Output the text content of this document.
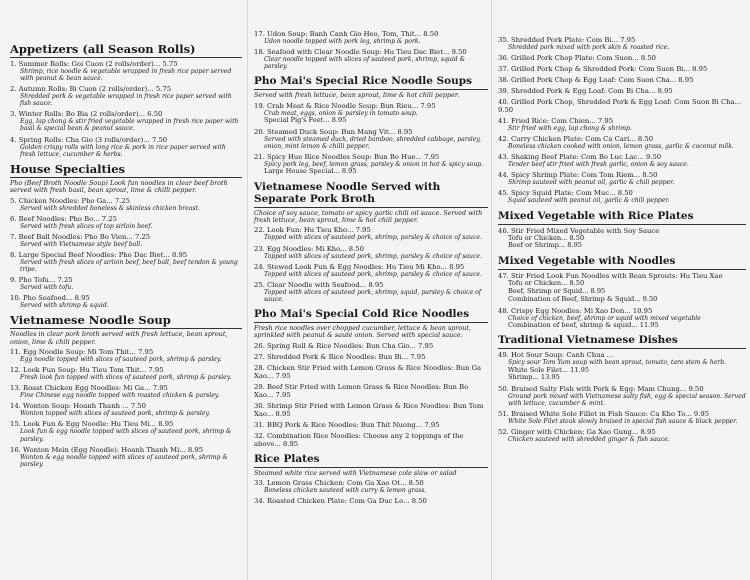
Appetizers (all Season Rolls)
1. Summer Rolls: Goi Cuon (2 rolls/order)... 5.75
Shrimp, rice noodle & vegetable wrapped in fresh rice paper served with peanut & bean sauce.
2. Autumn Rolls: Bi Cuon (2 rolls/order)... 5.75
Shredded pork & vegetable wrapped in fresh rice paper served with fish sauce.
3. Winter Rolls: Bo Bia (2 rolls/order)... 6.50
Egg, lap chong & stir fried vegetable wrapped in fresh rice paper with basil & special bean & peanut sauce.
4. Spring Rolls: Cha Gio (3 rolls/order)... 7.50
Golden crispy rolls with long rice & pork in rice paper served with fresh lettuce, cucumber & herbs.
House Specialties
Pho (Beef Broth Noodle Soup) Look fun noodles in clear beef broth served with fresh basil, bean sprout, lime & chilli pepper.
5. Chicken Noodles: Pho Ga... 7.25
Served with shredded boneless & skinless chicken breast.
6. Beef Noodles: Pho Bo... 7.25
Served with fresh slices of top sirloin beef.
7. Beef Ball Noodles: Pho Bo Vien... 7.25
Served with Vietnamese style beef ball.
8. Large Special Beef Noodles: Pho Dac Biet... 8.95
Served with fresh slices of sirloin beef, beef ball, beef tendon & young tripe.
9. Pho Tofu... 7.25
Served with tofu.
10. Pho Seafood... 8.95
Served with shrimp & squid.
Vietnamese Noodle Soup
Noodles in clear pork broth served with fresh lettuce, bean sprout, onion, lime & chili pepper.
11. Egg Noodle Soup: Mi Tom Thit... 7.95
Egg noodle topped with slices of sauteed pork, shrimp & parsley.
12. Look Fun Soup: Hu Tieu Tom Thit... 7.95
Fresh look fun topped with slices of sauteed pork, shrimp & parsley.
13. Roast Chicken Egg Noodles: Mi Ga... 7.95
Fine Chinese egg noodle topped with roasted chicken & parsley.
14. Wonton Soup: Hoanh Thanh ... 7.50
Wonton topped with slices of sauteed pork, shrimp & parsley.
15. Look Fun & Egg Noodle: Hu Tieu Mi... 8.95
Look fun & egg noodle topped with slices of sauteed pork, shrimp & parsley.
16. Wonton Mein (Egg Noodle): Hoanh Thanh Mi... 8.95
Wonton & egg noodle topped with slices of sauteed pork, shrimp & parsley.
17. Udon Soup: Banh Canh Gio Heo, Tom, Thit... 8.50
Udon noodle topped with pork leg, shrimp & pork.
18. Seafood with Clear Noodle Soup: Hu Tieu Dac Biet... 9.50
Clear noodle topped with slices of sauteed pork, shrimp, squid & parsley.
Pho Mai's Special Rice Noodle Soups
Served with fresh lettuce, bean sprout, lime & hot chili pepper.
19. Crab Meat & Rice Noodle Soup: Bun Rieu... 7.95
Crab meat, eggs, onion & parsley in tomato soup.
Special Pig's Feet... 8.95
20. Steamed Duck Soup: Bun Mang Vit... 8.95
Served with steamed duck, dried bamboo, shredded cabbage, parsley, onion, mint lemon & chilli pepper.
21. Spicy Hue Rice Noodles Soup: Bun Bo Hue... 7.95
Spicy pork leg, beef, lemon grass, parsley & onion in hot & spicy soup.
Large House Special... 8.95
Vietnamese Noodle Served with Separate Pork Broth
Choice of soy sauce, tomato or spicy garlic chili oil sauce. Served with fresh lettuce, bean sprout, lime & hot chili pepper.
22. Look Fun: Hu Tieu Kho... 7.95
Topped with slices of sauteed pork, shrimp, parsley & choice of sauce.
23. Egg Noodles: Mi Kho... 8.50
Topped with slices of sauteed pork, shrimp, parsley & choice of sauce.
24. Stewed Look Fun & Egg Noodles: Hu Tieu Mi Kho... 8.95
Topped with slices of sauteed pork, shrimp, parsley & choice of sauce.
25. Clear Noodle with Seafood... 8.95
Topped with slices of sauteed pork, shrimp, squid, parsley & choice of sauce.
Pho Mai's Special Cold Rice Noodles
Fresh rice noodles over chopped cucumber, lettuce & bean sprout, sprinkled with peanut & sauté onion. Served with special sauce.
26. Spring Roll & Rice Noodles: Bun Cha Gio... 7.95
27. Shredded Pork & Rice Noodles: Bun Bi... 7.95
28. Chicken Stir Fried with Lemon Grass & Rice Noodles: Bun Ga Xao... 7.95
29. Beef Stir Fried with Lemon Grass & Rice Noodles: Bun Bo Xao... 7.95
30. Shrimp Stir Fried with Lemon Grass & Rice Noodles: Bun Tom Xao... 8.95
31. BBQ Pork & Rice Noodles: Bun Thit Nuong... 7.95
32. Combination Rice Noodles: Choose any 2 toppings of the above... 8.95
Rice Plates
Steamed white rice served with Vietnamese cole slaw or salad
33. Lemon Grass Chicken: Com Ga Xao Ot... 8.50
Boneless chicken sauteed with curry & lemon grass.
34. Roasted Chicken Plate: Com Ga Duc Lo... 8.50
35. Shredded Pork Plate: Com Bi... 7.95
Shredded pork mixed with pork skin & roasted rice.
36. Grilled Pork Chop Plate: Com Suon... 8.50
37. Grilled Pork Chop & Shredded Pork: Com Suon Bi... 8.95
38. Grilled Pork Chop & Egg Loaf: Com Suon Cha... 8.95
39. Shredded Pork & Egg Loaf: Com Bi Cha... 8.95
40. Grilled Pork Chop, Shredded Pork & Egg Loaf: Com Suon Bi Cha... 9.50
41. Fried Rice: Com Chien... 7.95
Stir fried with egg, lap chong & shrimp.
42. Curry Chicken Plate: Com Ca Cari... 8.50
Boneless chicken cooked with onion, lemon grass, garlic & coconut milk.
43. Shaking Beef Plate: Com Bo Luc Lac... 9.50
Tender beef stir fried with fresh garlic, onion & soy sauce.
44. Spicy Shrimp Plate: Com Tom Riem... 8.50
Shrimp sauteed with peanut oil, garlic & chili pepper.
45. Spicy Squid Plate: Com Muc... 8.50
Squid sauteed with peanut oil, garlic & chili pepper.
Mixed Vegetable with Rice Plates
46. Stir Fried Mixed Vegetable with Soy Sauce
Tofu or Chicken... 8.50
Beef or Shrimp... 8.95
Mixed Vegetable with Noodles
47. Stir Fried Look Fun Noodles with Bean Sprouts: Hu Tieu Xao
Tofu or Chicken... 8.50
Beef, Shrimp or Squid... 8.95
Combination of Beef, Shrimp & Squid... 9.50
48. Crispy Egg Noodles: Mi Xao Don... 10.95
Choice of chicken, beef, shrimp or squid with mixed vegetable
Combination of beef, shrimp & squid... 11.95
Traditional Vietnamese Dishes
49. Hot Sour Soup: Canh Chua ...
Spicy sour Tom Yum soup with bean sprout, tomato, taro stem & herb.
White Sole Filet... 11.95
Shrimp... 13.95
50. Braised Salty Fish with Pork & Egg: Mam Chung... 9.50
Ground pork mixed with Vietnamese salty fish, egg & special season. Served with lettuce, cucumber & mint.
51. Braised White Sole Fillet in Fish Sauce: Ca Kho To... 9.95
White Sole Filet steak slowly braised in special fish sauce & black pepper.
52. Ginger with Chicken: Ga Xao Gung... 8.95
Chicken sauteed with shredded ginger & fish sauce.
